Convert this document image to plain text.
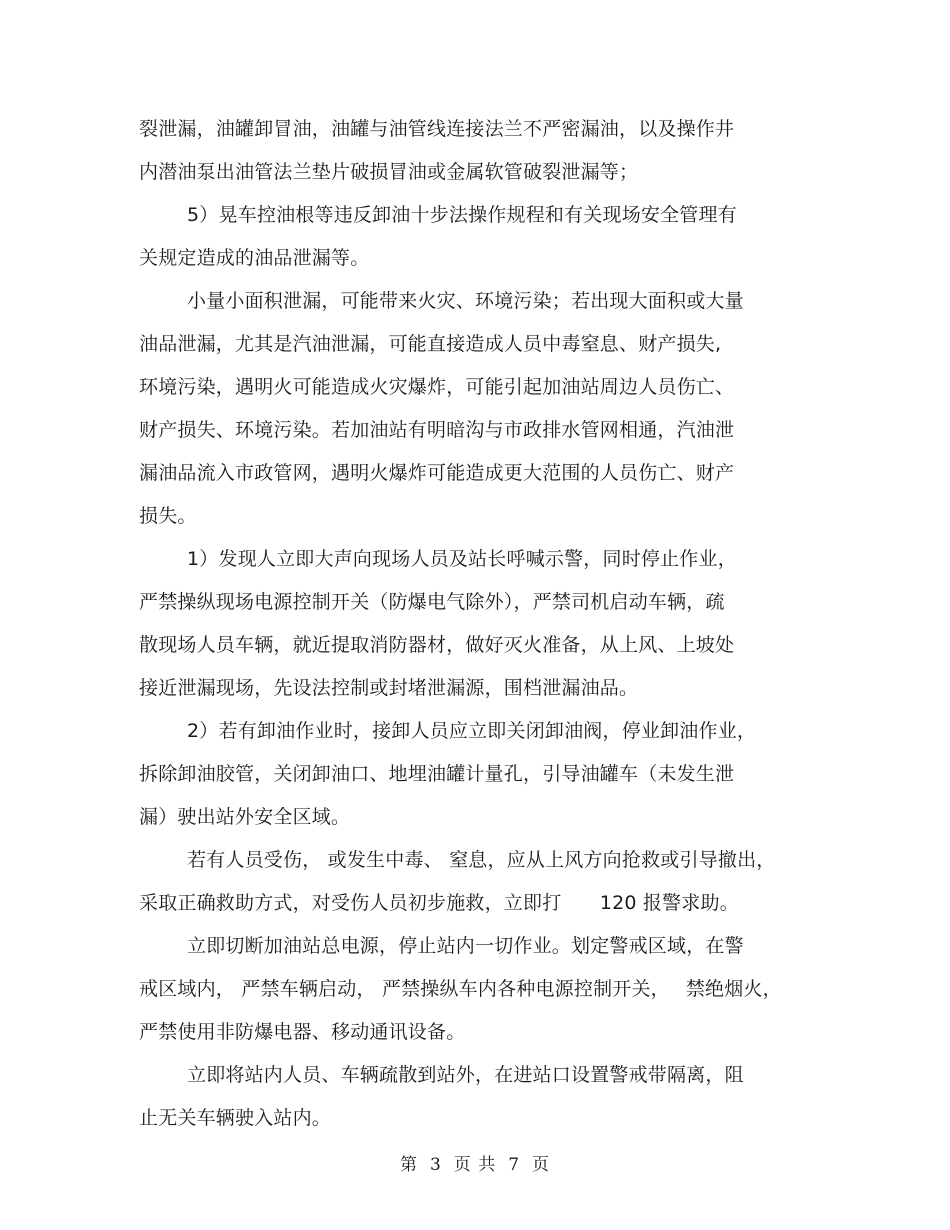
裂泄漏，油罐卸冒油，油罐与油管线连接法兰不严密漏油，以及操作井
内潜油泵出油管法兰垫片破损冒油或金属软管破裂泄漏等；
5）晃车控油根等违反卸油十步法操作规程和有关现场安全管理有
关规定造成的油品泄漏等。
小量小面积泄漏，可能带来火灾、环境污染；若出现大面积或大量
油品泄漏，尤其是汽油泄漏，可能直接造成人员中毒窒息、财产损失,
环境污染，遇明火可能造成火灾爆炸，可能引起加油站周边人员伤亡、
财产损失、环境污染。若加油站有明暗沟与市政排水管网相通，汽油泄
漏油品流入市政管网，遇明火爆炸可能造成更大范围的人员伤亡、财产
损失。
1）发现人立即大声向现场人员及站长呼喊示警，同时停止作业，
严禁操纵现场电源控制开关（防爆电气除外），严禁司机启动车辆，疏
散现场人员车辆，就近提取消防器材，做好灭火准备，从上风、上坡处
接近泄漏现场，先设法控制或封堵泄漏源，围档泄漏油品。
2）若有卸油作业时，接卸人员应立即关闭卸油阀，停业卸油作业，
拆除卸油胶管，关闭卸油口、地埋油罐计量孔，引导油罐车（未发生泄
漏）驶出站外安全区域。
若有人员受伤， 或发生中毒、 窒息，应从上风方向抢救或引导撤出，
采取正确救助方式，对受伤人员初步施救，立即打　　120 报警求助。
立即切断加油站总电源，停止站内一切作业。划定警戒区域，在警
戒区域内， 严禁车辆启动， 严禁操纵车内各种电源控制开关，　 禁绝烟火，
严禁使用非防爆电器、移动通讯设备。
立即将站内人员、车辆疏散到站外，在进站口设置警戒带隔离，阻
止无关车辆驶入站内。
第 3 页 共 7 页
